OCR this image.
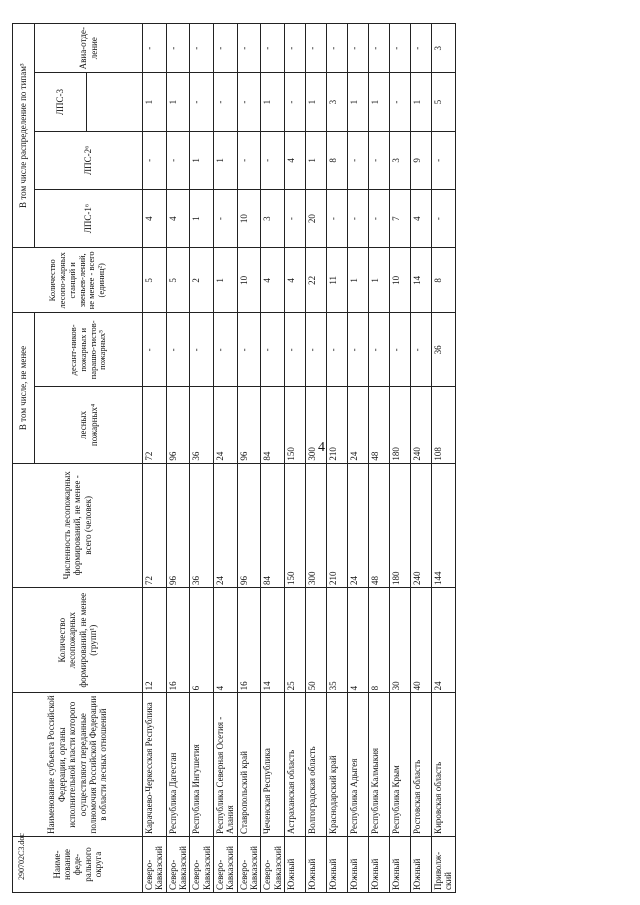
4
Наиме-нование феде-рального округа	Наименование субъекта Российской Федерации, органы исполнительной власти которого осуществляют переданные полномочия Российской Федерации в области лесных отношений	Количество лесопожарных формирований, не менее (групп¹)	Численность лесопожарных формирований, не менее - всего (человек)	В том числе, не менее		Количество лесопо-жарных станций и звеньев-лений, не менее - всего (единиц²)	В том числе распределение по типам³			
				лесных пожарных⁴	десант-ников-пожарных и парашю-тистов-пожарных⁵		ЛПС-1⁶	ЛПС-2⁶	ЛПС-3	Авиа-отде-ление

Северо-Кавказский	Карачаево-Черкесская Республика	12	72	72	-	5	4	-	1	-
Северо-Кавказский	Республика Дагестан	16	96	96	-	5	4	-	1	-
Северо-Кавказский	Республика Ингушетия	6	36	36	-	2	1	1	-	-
Северо-Кавказский	Республика Северная Осетия - Алания	4	24	24	-	1	-	1	-	-
Северо-Кавказский	Ставропольский край	16	96	96	-	10	10	-	-	-
Северо-Кавказский	Чеченская Республика	14	84	84	-	4	3	-	1	-
Южный	Астраханская область	25	150	150	-	4	-	4	-	-
Южный	Волгоградская область	50	300	300	-	22	20	1	1	-
Южный	Краснодарский край	35	210	210	-	11	-	8	3	-
Южный	Республика Адыгея	4	24	24	-	1	-	-	1	-
Южный	Республика Калмыкия	8	48	48	-	1	-	-	1	-
Южный	Республика Крым	30	180	180	-	10	7	3	-	-
Южный	Ростовская область	40	240	240	-	14	4	9	1	-
Приволж-ский	Кировская область	24	144	108	36	8	-	-	5	3
290702С3.doc
